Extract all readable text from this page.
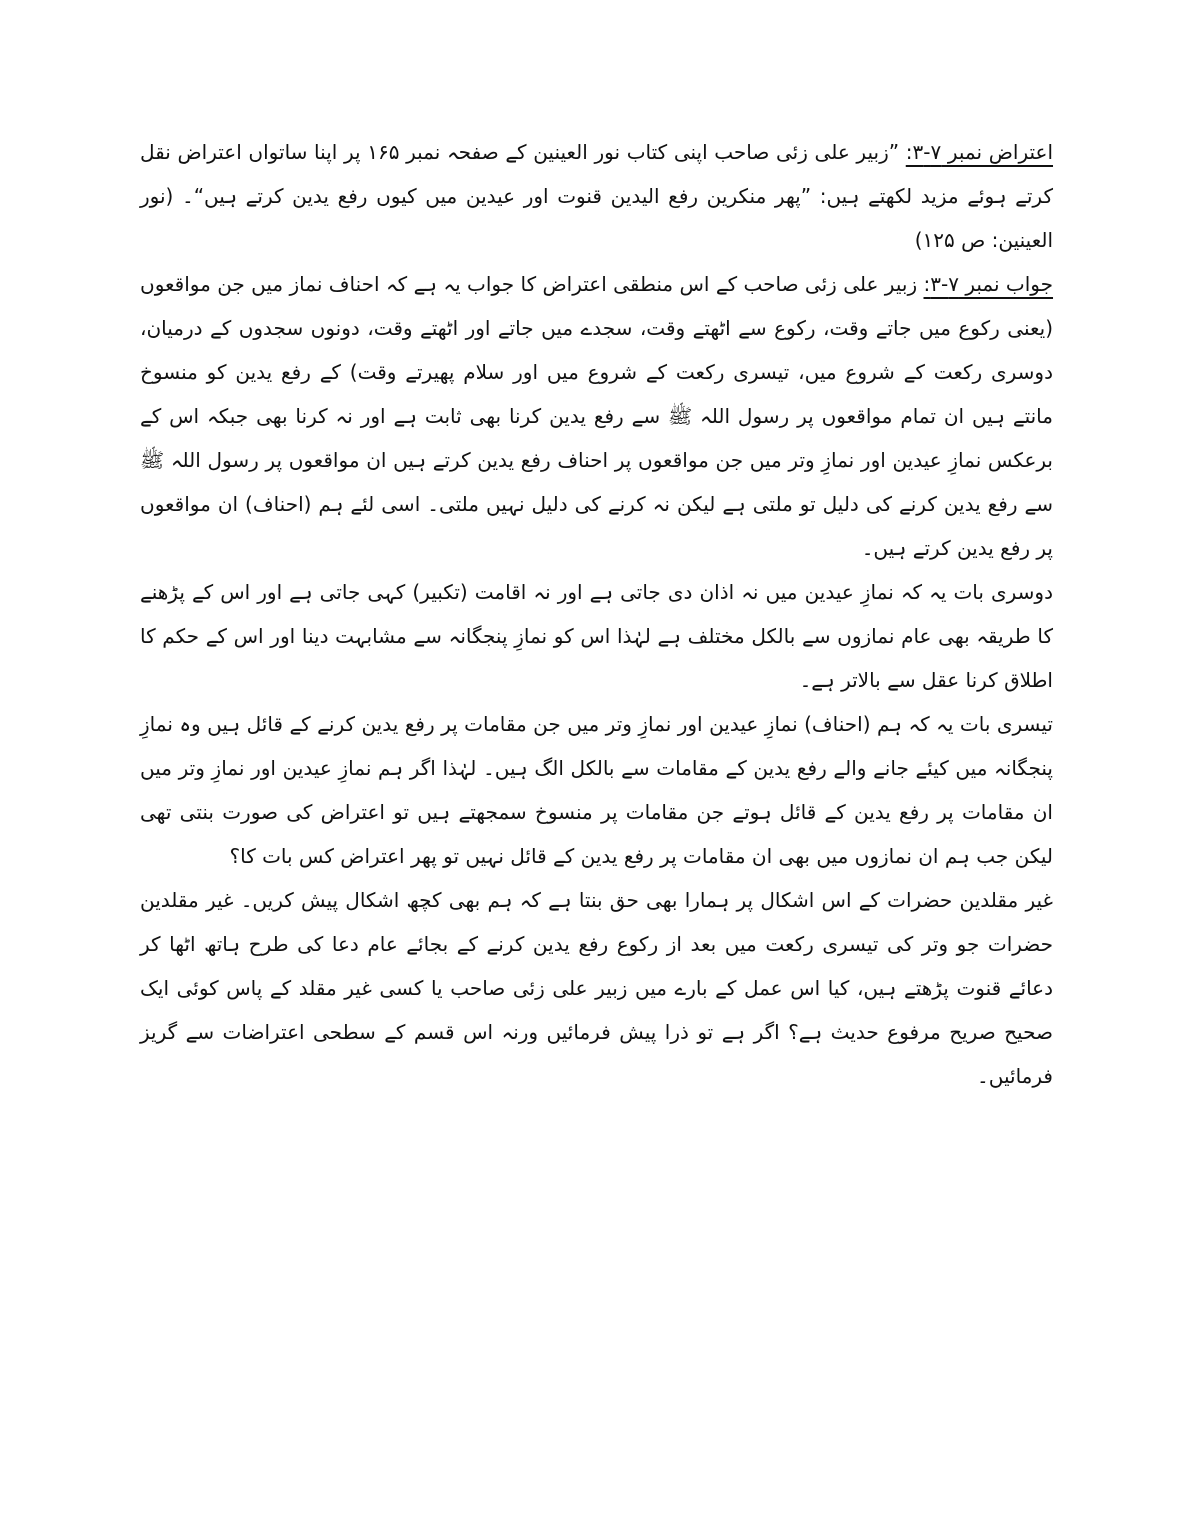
اعتراض نمبر ۷-۳: ”زبیر علی زئی صاحب اپنی کتاب نور العینین کے صفحہ نمبر ۱۶۵ پر اپنا ساتواں اعتراض نقل کرتے ہوئے مزید لکھتے ہیں: ”پھر منکرین رفع الیدین قنوت اور عیدین میں کیوں رفع یدین کرتے ہیں“۔ (نور العینین: ص ۱۲۵)

جواب نمبر ۷-۳: زبیر علی زئی صاحب کے اس منطقی اعتراض کا جواب یہ ہے کہ احناف نماز میں جن مواقعوں (یعنی رکوع میں جاتے وقت، رکوع سے اٹھتے وقت، سجدے میں جاتے اور اٹھتے وقت، دونوں سجدوں کے درمیان، دوسری رکعت کے شروع میں، تیسری رکعت کے شروع میں اور سلام پھیرتے وقت) کے رفع یدین کو منسوخ مانتے ہیں ان تمام مواقعوں پر رسول اللہ ﷺ سے رفع یدین کرنا بھی ثابت ہے اور نہ کرنا بھی جبکہ اس کے برعکس نمازِ عیدین اور نمازِ وتر میں جن مواقعوں پر احناف رفع یدین کرتے ہیں ان مواقعوں پر رسول اللہ ﷺ سے رفع یدین کرنے کی دلیل تو ملتی ہے لیکن نہ کرنے کی دلیل نہیں ملتی۔ اسی لئے ہم (احناف) ان مواقعوں پر رفع یدین کرتے ہیں۔

دوسری بات یہ کہ نمازِ عیدین میں نہ اذان دی جاتی ہے اور نہ اقامت (تکبیر) کہی جاتی ہے اور اس کے پڑھنے کا طریقہ بھی عام نمازوں سے بالکل مختلف ہے لہٰذا اس کو نمازِ پنجگانہ سے مشابہت دینا اور اس کے حکم کا اطلاق کرنا عقل سے بالاتر ہے۔

تیسری بات یہ کہ ہم (احناف) نمازِ عیدین اور نمازِ وتر میں جن مقامات پر رفع یدین کرنے کے قائل ہیں وہ نمازِ پنجگانہ میں کیئے جانے والے رفع یدین کے مقامات سے بالکل الگ ہیں۔ لہٰذا اگر ہم نمازِ عیدین اور نمازِ وتر میں ان مقامات پر رفع یدین کے قائل ہوتے جن مقامات پر منسوخ سمجھتے ہیں تو اعتراض کی صورت بنتی تھی لیکن جب ہم ان نمازوں میں بھی ان مقامات پر رفع یدین کے قائل نہیں تو پھر اعتراض کس بات کا؟

غیر مقلدین حضرات کے اس اشکال پر ہمارا بھی حق بنتا ہے کہ ہم بھی کچھ اشکال پیش کریں۔ غیر مقلدین حضرات جو وتر کی تیسری رکعت میں بعد از رکوع رفع یدین کرنے کے بجائے عام دعا کی طرح ہاتھ اٹھا کر دعائے قنوت پڑھتے ہیں، کیا اس عمل کے بارے میں زبیر علی زئی صاحب یا کسی غیر مقلد کے پاس کوئی ایک صحیح صریح مرفوع حدیث ہے؟ اگر ہے تو ذرا پیش فرمائیں ورنہ اس قسم کے سطحی اعتراضات سے گریز فرمائیں۔
